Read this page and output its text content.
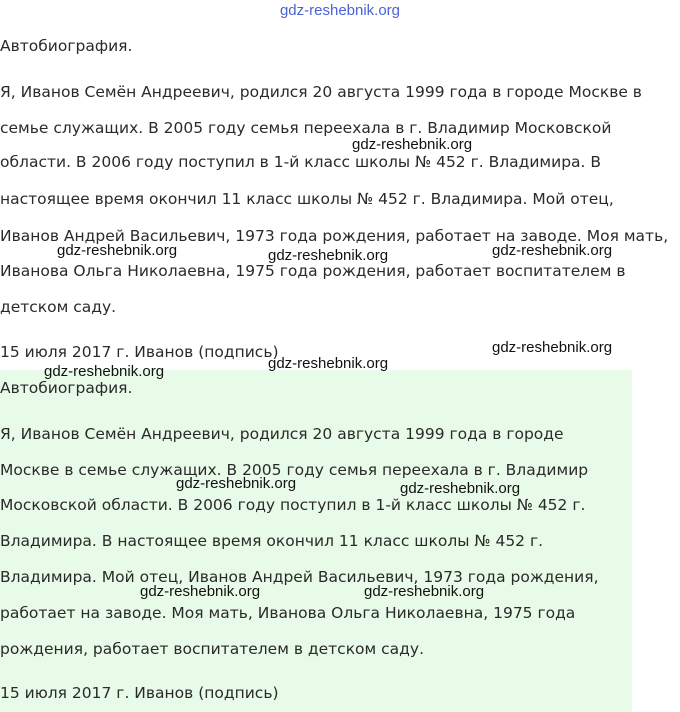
gdz-reshebnik.org
Автобиография.
Я, Иванов Семён Андреевич, родился 20 августа 1999 года в городе Москве в
семье служащих. В 2005 году семья переехала в г. Владимир Московской
области. В 2006 году поступил в 1-й класс школы № 452 г. Владимира. В
настоящее время окончил 11 класс школы № 452 г. Владимира. Мой отец,
Иванов Андрей Васильевич, 1973 года рождения, работает на заводе. Моя мать,
Иванова Ольга Николаевна, 1975 года рождения, работает воспитателем в
детском саду.
15 июля 2017 г. Иванов (подпись)
Автобиография.
Я, Иванов Семён Андреевич, родился 20 августа 1999 года в городе
Москве в семье служащих. В 2005 году семья переехала в г. Владимир
Московской области. В 2006 году поступил в 1-й класс школы № 452 г.
Владимира. В настоящее время окончил 11 класс школы № 452 г.
Владимира. Мой отец, Иванов Андрей Васильевич, 1973 года рождения,
работает на заводе. Моя мать, Иванова Ольга Николаевна, 1975 года
рождения, работает воспитателем в детском саду.
15 июля 2017 г. Иванов (подпись)
gdz-reshebnik.org
gdz-reshebnik.org	gdz-reshebnik.org	gdz-reshebnik.org
gdz-reshebnik.org
gdz-reshebnik.org
gdz-reshebnik.org
gdz-reshebnik.org	gdz-reshebnik.org
gdz-reshebnik.org	gdz-reshebnik.org
